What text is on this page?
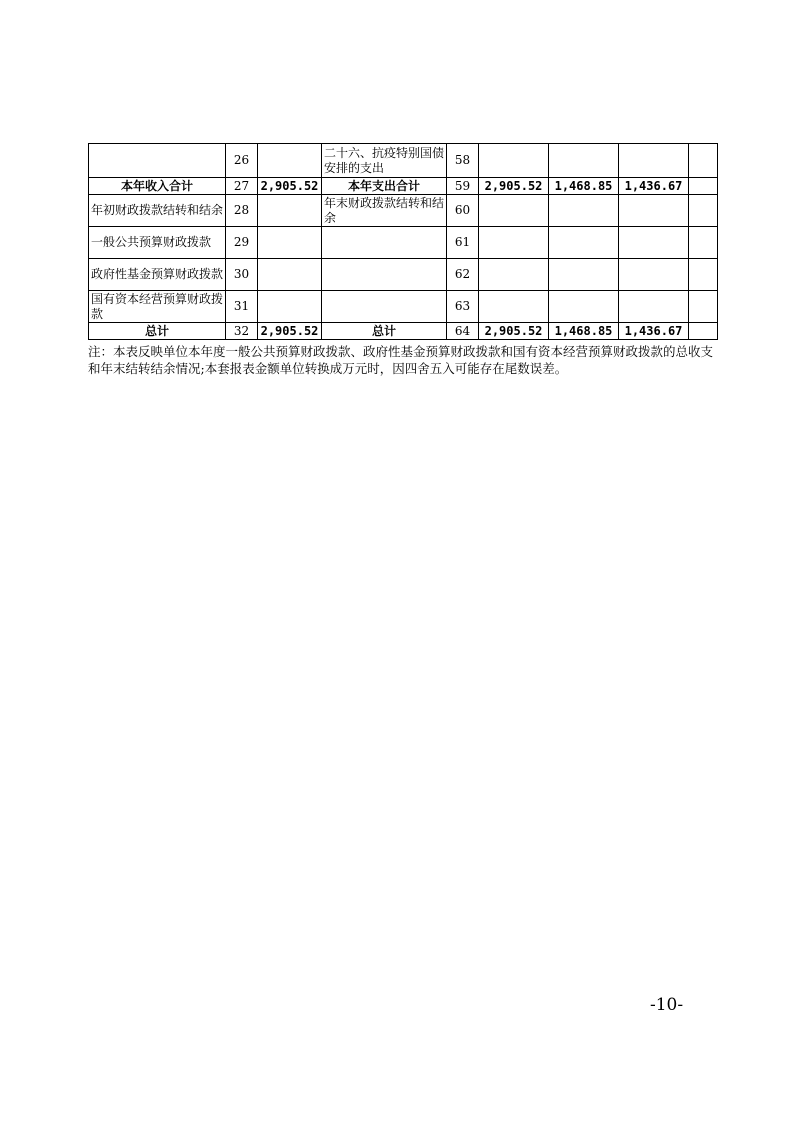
	26		二十六、抗疫特别国债安排的支出	58				
本年收入合计	27	2,905.52	本年支出合计	59	2,905.52	1,468.85	1,436.67	
年初财政拨款结转和结余	28		年末财政拨款结转和结余	60				
一般公共预算财政拨款	29			61				
政府性基金预算财政拨款	30			62				
国有资本经营预算财政拨款	31			63				
总计	32	2,905.52	总计	64	2,905.52	1,468.85	1,436.67	
注：本表反映单位本年度一般公共预算财政拨款、政府性基金预算财政拨款和国有资本经营预算财政拨款的总收支和年末结转结余情况;本套报表金额单位转换成万元时，因四舍五入可能存在尾数误差。
-10-
